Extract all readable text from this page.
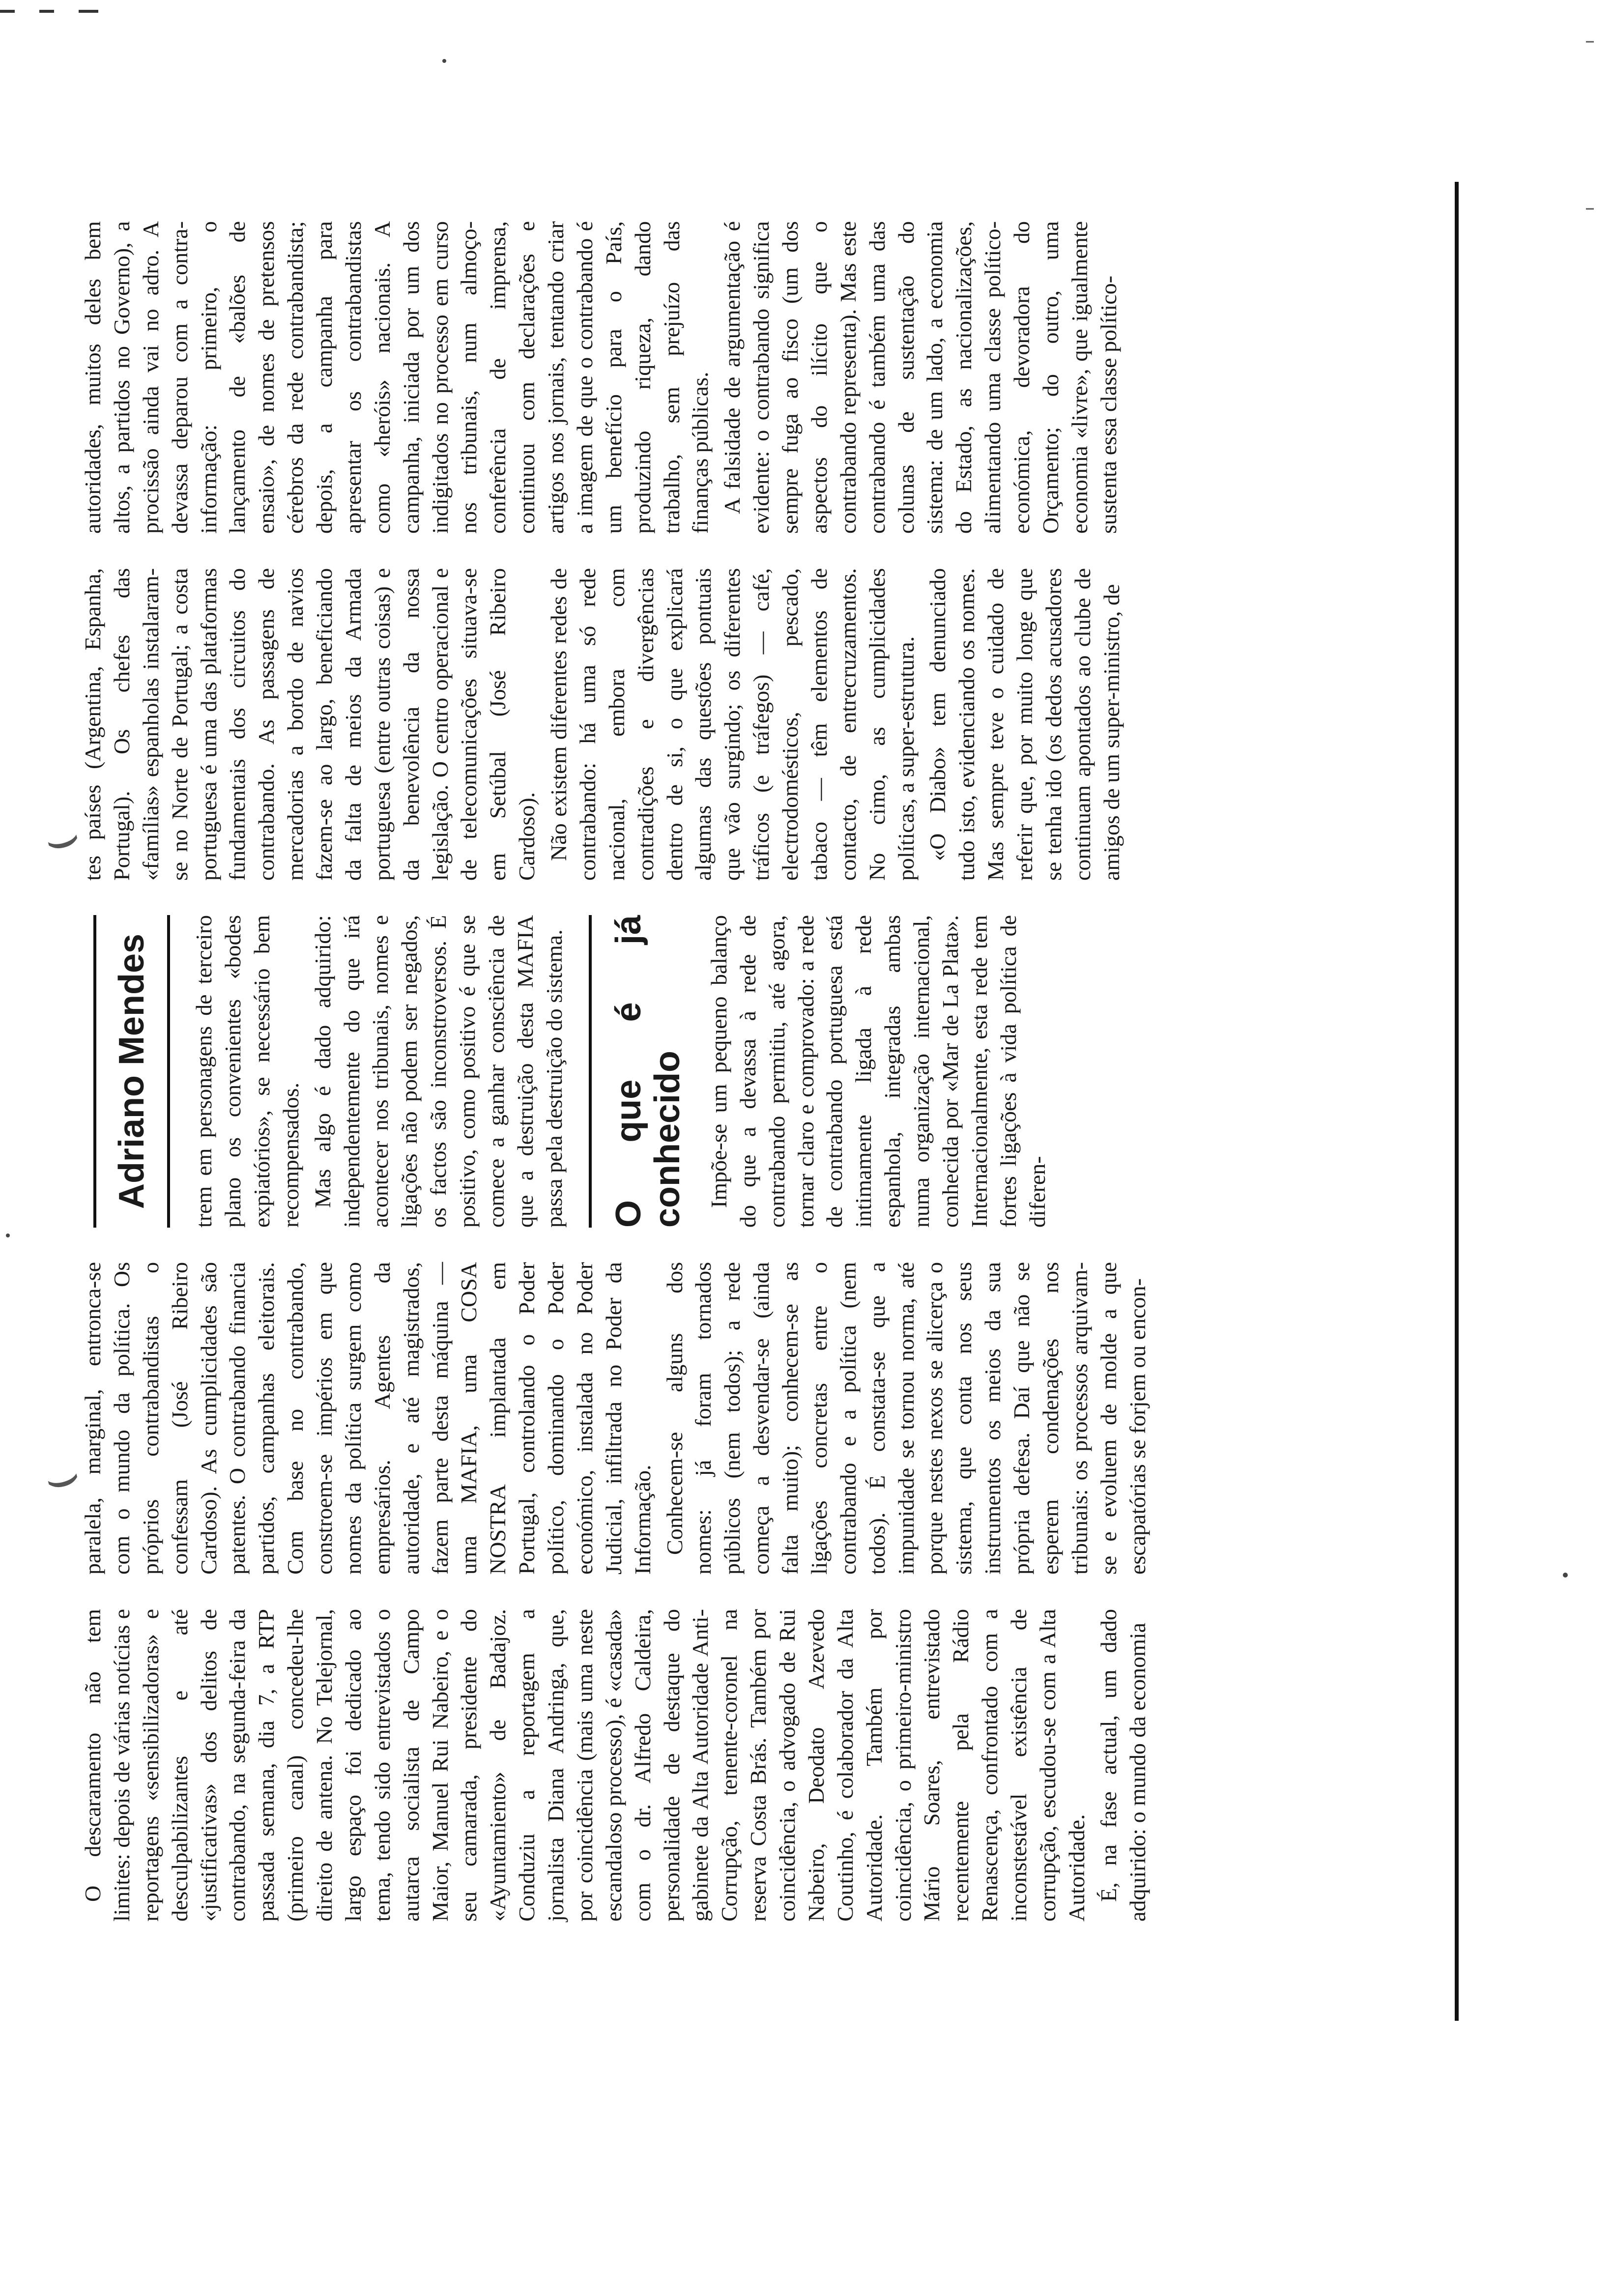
–
–
⌣
⌣

O descaramento não tem limites: depois de várias notícias e reportagens «sensibilizadoras» e desculpabilizantes e até «justificativas» dos delitos de contrabando, na segunda-feira da passada semana, dia 7, a RTP (primeiro canal) concedeu-lhe direito de antena. No Telejornal, largo espaço foi dedicado ao tema, tendo sido entrevistados o autarca socialista de Campo Maior, Manuel Rui Nabeiro, e o seu camarada, presidente do «Ayuntamiento» de Badajoz. Conduziu a reportagem a jornalista Diana Andringa, que, por coincidência (mais uma neste escandaloso processo), é «casada» com o dr. Alfredo Caldeira, personalidade de destaque do gabinete da Alta Autoridade Anti-Corrupção, tenente-coronel na reserva Costa Brás. Também por coincidência, o advogado de Rui Nabeiro, Deodato Azevedo Coutinho, é colaborador da Alta Autoridade. Também por coincidência, o primeiro-ministro Mário Soares, entrevistado recentemente pela Rádio Renascença, confrontado com a inconstestável existência de corrupção, escudou-se com a Alta Autoridade. É, na fase actual, um dado adquirido: o mundo da economia

paralela, marginal, entronca-se com o mundo da política. Os próprios contrabandistas o confessam (José Ribeiro Cardoso). As cumplicidades são patentes. O contrabando financia partidos, campanhas eleitorais. Com base no contrabando, constroem-se impérios em que nomes da política surgem como empresários. Agentes da autoridade, e até magistrados, fazem parte desta máquina — uma MAFIA, uma COSA NOSTRA implantada em Portugal, controlando o Poder político, dominando o Poder económico, instalada no Poder Judicial, infiltrada no Poder da Informação. Conhecem-se alguns dos nomes: já foram tornados públicos (nem todos); a rede começa a desvendar-se (ainda falta muito); conhecem-se as ligações concretas entre o contrabando e a política (nem todos). É constata-se que a impunidade se tornou norma, até porque nestes nexos se alicerça o sistema, que conta nos seus instrumentos os meios da sua própria defesa. Daí que não se esperem condenações nos tribunais: os processos arquivam-se e evoluem de molde a que escapatórias se forjem ou encon-

Adriano Mendes	trem em personagens de terceiro plano os convenientes «bodes expiatórios», se necessário bem recompensados. Mas algo é dado adquirido: independentemente do que irá acontecer nos tribunais, nomes e ligações não podem ser negados, os factos são inconstroversos. É positivo, como positivo é que se comece a ganhar consciência de que a destruição desta MAFIA passa pela destruição do sistema.	O que é já conhecido Impõe-se um pequeno balanço do que a devassa à rede de contrabando permitiu, até agora, tornar claro e comprovado: a rede de contrabando portuguesa está intimamente ligada à rede espanhola, integradas ambas numa organização internacional, conhecida por «Mar de La Plata». Internacionalmente, esta rede tem fortes ligações à vida política de diferen-

tes países (Argentina, Espanha, Portugal). Os chefes das «famílias» espanholas instalaram-se no Norte de Portugal; a costa portuguesa é uma das plataformas fundamentais dos circuitos do contrabando. As passagens de mercadorias a bordo de navios fazem-se ao largo, beneficiando da falta de meios da Armada portuguesa (entre outras coisas) e da benevolência da nossa legislação. O centro operacional e de telecomunicações situava-se em Setúbal (José Ribeiro Cardoso). Não existem diferentes redes de contrabando: há uma só rede nacional, embora com contradições e divergências dentro de si, o que explicará algumas das questões pontuais que vão surgindo; os diferentes tráficos (e tráfegos) — café, electrodomésticos, pescado, tabaco — têm elementos de contacto, de entrecruzamentos. No cimo, as cumplicidades políticas, a super-estrutura. «O Diabo» tem denunciado tudo isto, evidenciando os nomes. Mas sempre teve o cuidado de referir que, por muito longe que se tenha ido (os dedos acusadores continuam apontados ao clube de amigos de um super-ministro, de

autoridades, muitos deles bem altos, a partidos no Governo), a procissão ainda vai no adro. A devassa deparou com a contra-informação: primeiro, o lançamento de «balões de ensaio», de nomes de pretensos cérebros da rede contrabandista; depois, a campanha para apresentar os contrabandistas como «heróis» nacionais. A campanha, iniciada por um dos indigitados no processo em curso nos tribunais, num almoço-conferência de imprensa, continuou com declarações e artigos nos jornais, tentando criar a imagem de que o contrabando é um benefício para o País, produzindo riqueza, dando trabalho, sem prejuízo das finanças públicas. A falsidade de argumentação é evidente: o contrabando significa sempre fuga ao fisco (um dos aspectos do ilícito que o contrabando representa). Mas este contrabando é também uma das colunas de sustentação do sistema: de um lado, a economia do Estado, as nacionalizações, alimentando uma classe político-económica, devoradora do Orçamento; do outro, uma economia «livre», que igualmente sustenta essa classe político-
